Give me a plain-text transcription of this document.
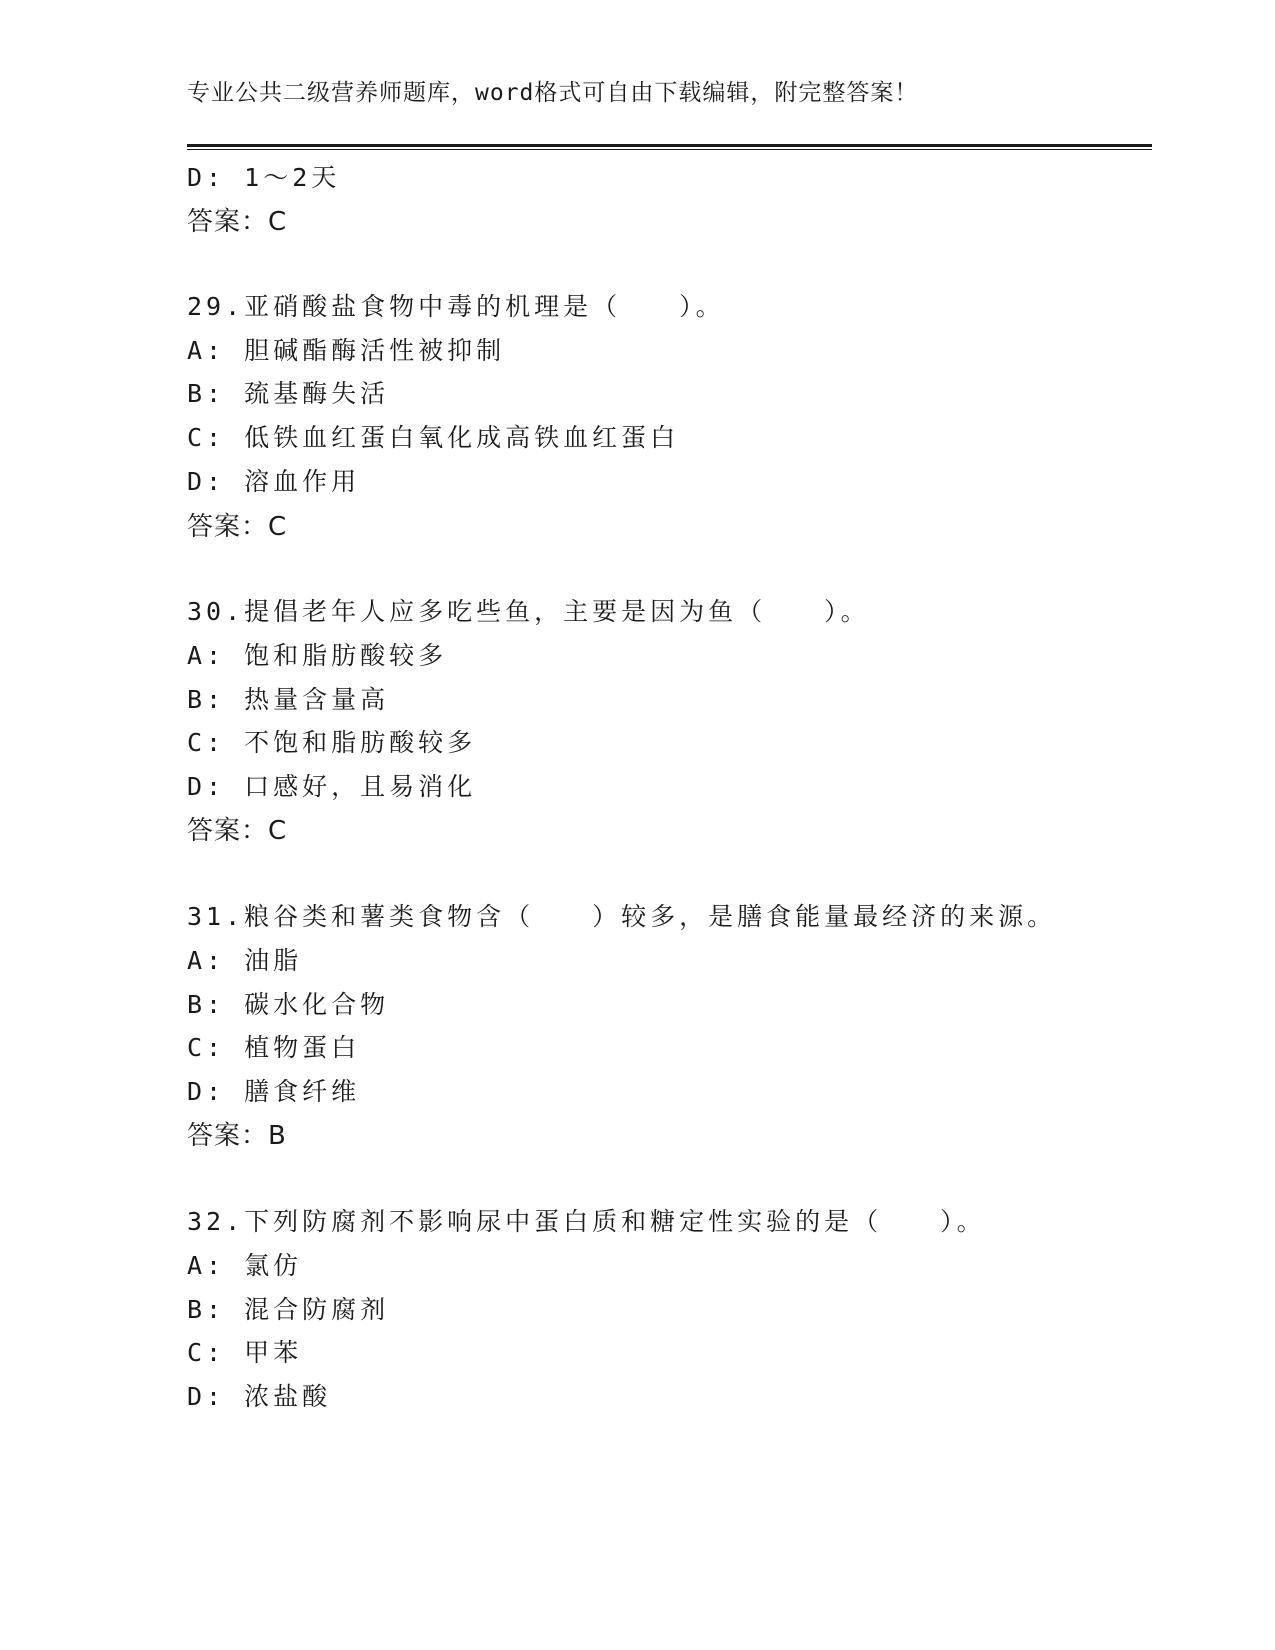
专业公共二级营养师题库，word格式可自由下载编辑，附完整答案！
D: 1～2天
答案：C
29.亚硝酸盐食物中毒的机理是（　　）。
A: 胆碱酯酶活性被抑制
B: 巯基酶失活
C: 低铁血红蛋白氧化成高铁血红蛋白
D: 溶血作用
答案：C
30.提倡老年人应多吃些鱼，主要是因为鱼（　　）。
A: 饱和脂肪酸较多
B: 热量含量高
C: 不饱和脂肪酸较多
D: 口感好，且易消化
答案：C
31.粮谷类和薯类食物含（　　）较多，是膳食能量最经济的来源。
A: 油脂
B: 碳水化合物
C: 植物蛋白
D: 膳食纤维
答案：B
32.下列防腐剂不影响尿中蛋白质和糖定性实验的是（　　）。
A: 氯仿
B: 混合防腐剂
C: 甲苯
D: 浓盐酸
